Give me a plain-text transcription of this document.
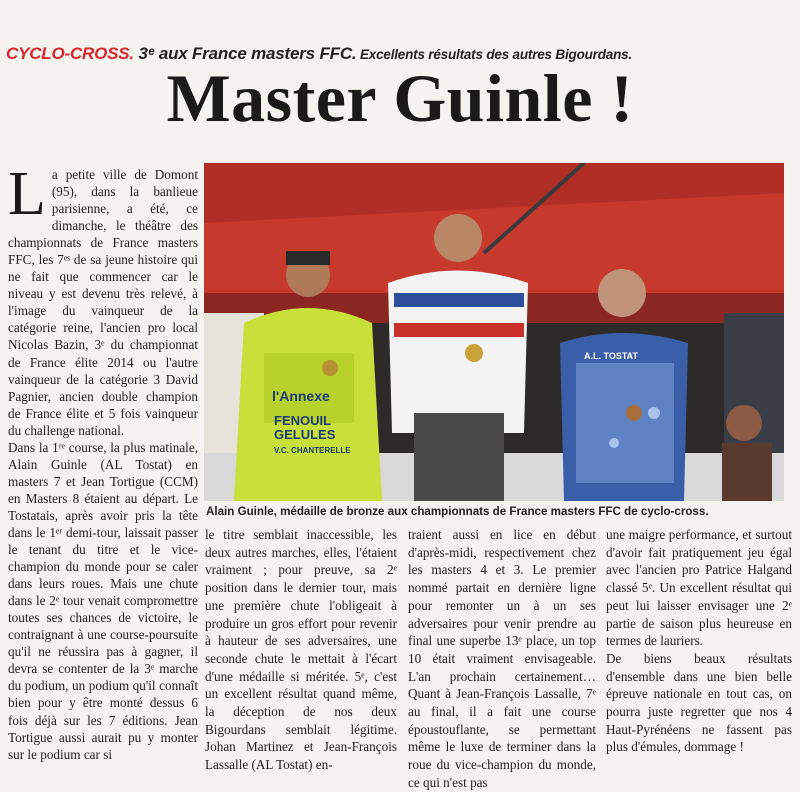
CYCLO-CROSS. 3ᵉ aux France masters FFC. Excellents résultats des autres Bigourdans.
Master Guinle !
La petite ville de Domont (95), dans la banlieue parisienne, a été, ce dimanche, le théâtre des championnats de France masters FFC, les 7ᵉˢ de sa jeune histoire qui ne fait que commencer car le niveau y est devenu très relevé, à l'image du vainqueur de la catégorie reine, l'ancien pro local Nicolas Bazin, 3ᵉ du championnat de France élite 2014 ou l'autre vainqueur de la catégorie 3 David Pagnier, ancien double champion de France élite et 5 fois vainqueur du challenge national.
Dans la 1ʳᵉ course, la plus matinale, Alain Guinle (AL Tostat) en masters 7 et Jean Tortigue (CCM) en Masters 8 étaient au départ. Le Tostatais, après avoir pris la tête dans le 1ᵉʳ demi-tour, laissait passer le tenant du titre et le vice-champion du monde pour se caler dans leurs roues. Mais une chute dans le 2ᵉ tour venait compromettre toutes ses chances de victoire, le contraignant à une course-poursuite qu'il ne réussira pas à gagner, il devra se contenter de la 3ᵉ marche du podium, un podium qu'il connaît bien pour y être monté dessus 6 fois déjà sur les 7 éditions. Jean Tortigue aussi aurait pu y monter sur le podium car si
l'Annexe
FENOUIL
GELULES
V.C. CHANTERELLE
A.L. TOSTAT
Alain Guinle, médaille de bronze aux championnats de France masters FFC de cyclo-cross.

le titre semblait inaccessible, les deux autres marches, elles, l'étaient vraiment ; pour preuve, sa 2ᵉ position dans le dernier tour, mais une première chute l'obligeait à produire un gros effort pour revenir à hauteur de ses adversaires, une seconde chute le mettait à l'écart d'une médaille si méritée. 5ᵉ, c'est un excellent résultat quand même, la déception de nos deux Bigourdans semblait légitime. Johan Martinez et Jean-François Lassalle (AL Tostat) en-

traient aussi en lice en début d'après-midi, respectivement chez les masters 4 et 3. Le premier nommé partait en dernière ligne pour remonter un à un ses adversaires pour venir prendre au final une superbe 13ᵉ place, un top 10 était vraiment envisageable. L'an prochain certainement… Quant à Jean-François Lassalle, 7ᵉ au final, il a fait une course époustouflante, se permettant même le luxe de terminer dans la roue du vice-champion du monde, ce qui n'est pas

une maigre performance, et surtout d'avoir fait pratiquement jeu égal avec l'ancien pro Patrice Halgand classé 5ᵉ. Un excellent résultat qui peut lui laisser envisager une 2ᵉ partie de saison plus heureuse en termes de lauriers.

De biens beaux résultats d'ensemble dans une bien belle épreuve nationale en tout cas, on pourra juste regretter que nos 4 Haut-Pyrénéens ne fassent pas plus d'émules, dommage !
